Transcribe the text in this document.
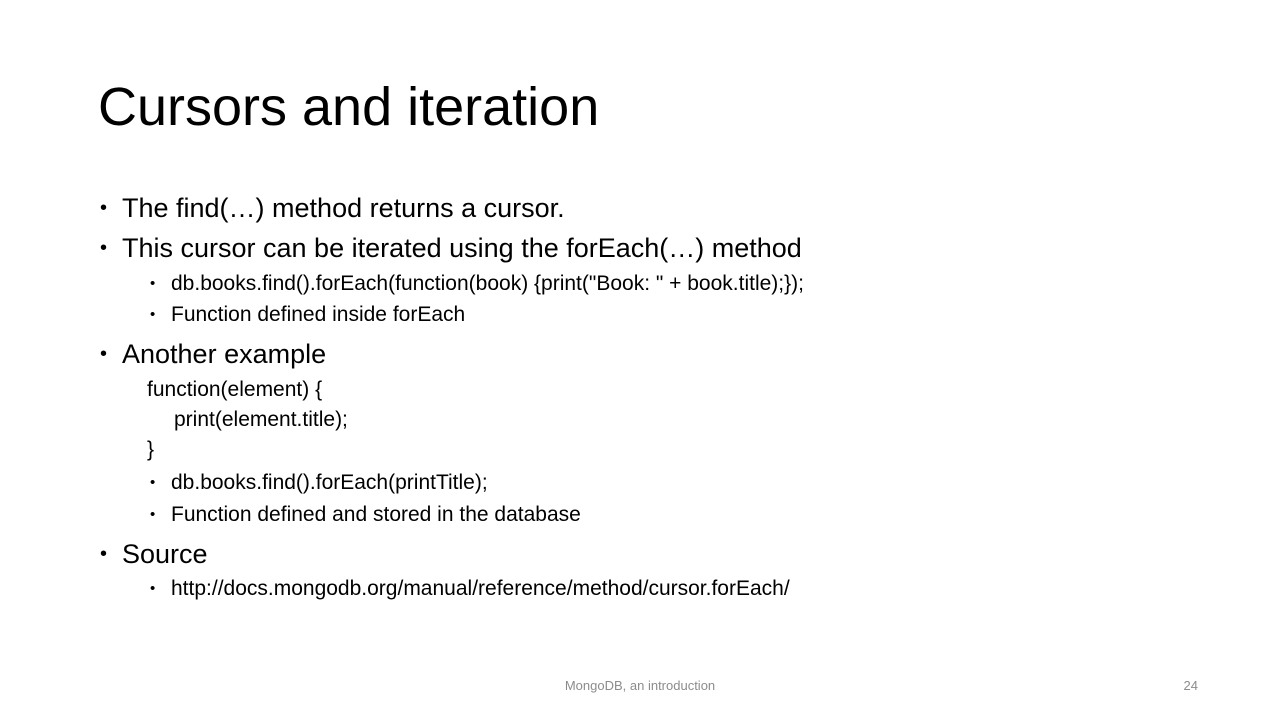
Cursors and iteration
• The find(…) method returns a cursor.
• This cursor can be iterated using the forEach(…) method
• db.books.find().forEach(function(book) {print("Book: " + book.title);});
• Function defined inside forEach
• Another example
function(element) {
print(element.title);
}
• db.books.find().forEach(printTitle);
• Function defined and stored in the database
• Source
• http://docs.mongodb.org/manual/reference/method/cursor.forEach/
MongoDB, an introduction	24
